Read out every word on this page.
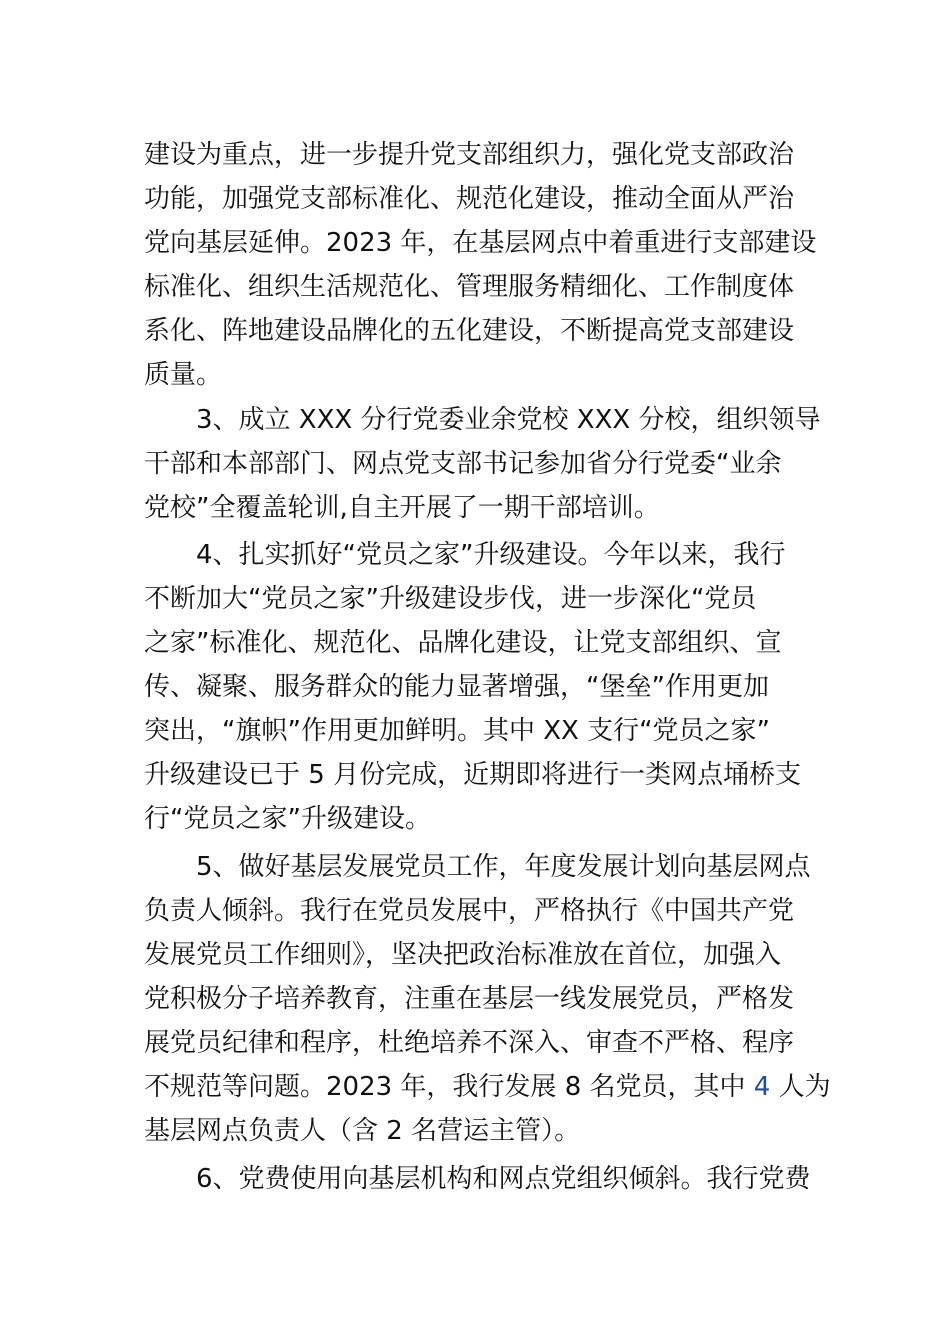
建设为重点，进一步提升党支部组织力，强化党支部政治
功能，加强党支部标准化、规范化建设，推动全面从严治
党向基层延伸。2023 年，在基层网点中着重进行支部建设
标准化、组织生活规范化、管理服务精细化、工作制度体
系化、阵地建设品牌化的五化建设，不断提高党支部建设
质量。
3、成立 XXX 分行党委业余党校 XXX 分校，组织领导
干部和本部部门、网点党支部书记参加省分行党委“业余
党校”全覆盖轮训,自主开展了一期干部培训。
4、扎实抓好“党员之家”升级建设。今年以来，我行
不断加大“党员之家”升级建设步伐，进一步深化“党员
之家”标准化、规范化、品牌化建设，让党支部组织、宣
传、凝聚、服务群众的能力显著增强，“堡垒”作用更加
突出，“旗帜”作用更加鲜明。其中 XX 支行“党员之家”
升级建设已于 5 月份完成，近期即将进行一类网点埇桥支
行“党员之家”升级建设。
5、做好基层发展党员工作，年度发展计划向基层网点
负责人倾斜。我行在党员发展中，严格执行《中国共产党
发展党员工作细则》，坚决把政治标准放在首位，加强入
党积极分子培养教育，注重在基层一线发展党员，严格发
展党员纪律和程序，杜绝培养不深入、审查不严格、程序
不规范等问题。2023 年，我行发展 8 名党员，其中 4 人为
基层网点负责人（含 2 名营运主管）。
6、党费使用向基层机构和网点党组织倾斜。我行党费
